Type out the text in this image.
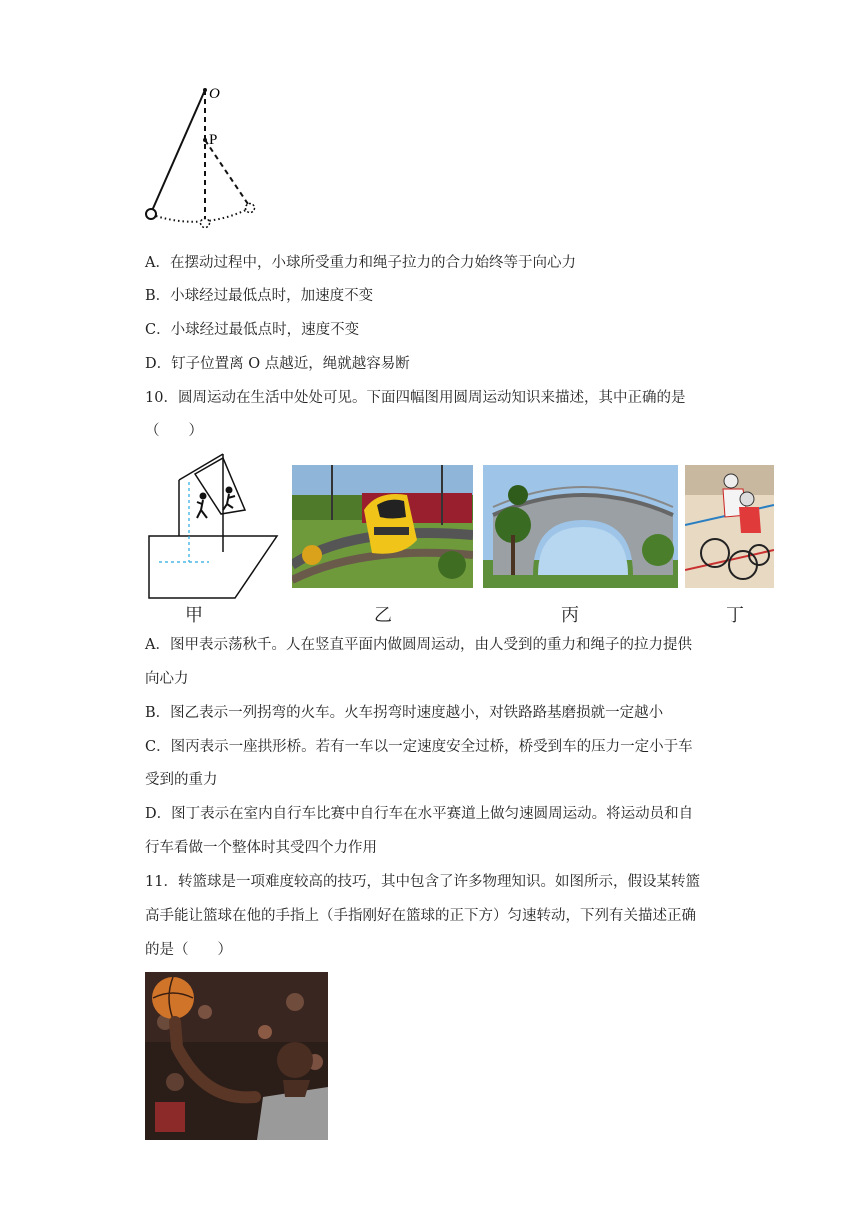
O
P
A．在摆动过程中，小球所受重力和绳子拉力的合力始终等于向心力
B．小球经过最低点时，加速度不变
C．小球经过最低点时，速度不变
D．钉子位置离 O 点越近，绳就越容易断
10．圆周运动在生活中处处可见。下面四幅图用圆周运动知识来描述，其中正确的是
（　　）
甲	乙	丙	丁
A．图甲表示荡秋千。人在竖直平面内做圆周运动，由人受到的重力和绳子的拉力提供
向心力
B．图乙表示一列拐弯的火车。火车拐弯时速度越小，对铁路路基磨损就一定越小
C．图丙表示一座拱形桥。若有一车以一定速度安全过桥，桥受到车的压力一定小于车
受到的重力
D．图丁表示在室内自行车比赛中自行车在水平赛道上做匀速圆周运动。将运动员和自
行车看做一个整体时其受四个力作用
11．转篮球是一项难度较高的技巧，其中包含了许多物理知识。如图所示，假设某转篮
高手能让篮球在他的手指上（手指刚好在篮球的正下方）匀速转动，下列有关描述正确
的是（　　）
